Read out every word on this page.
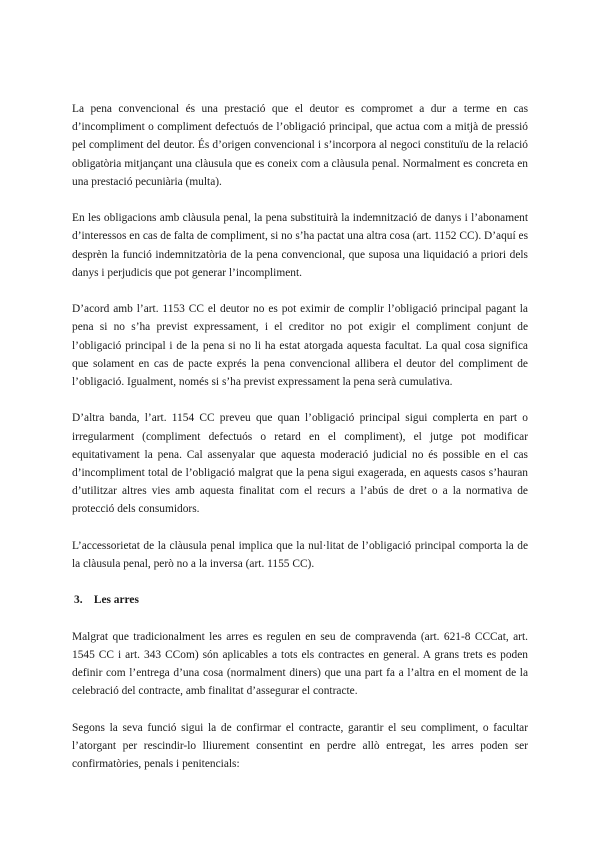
La pena convencional és una prestació que el deutor es compromet a dur a terme en cas d’incompliment o compliment defectuós de l’obligació principal, que actua com a mitjà de pressió pel compliment del deutor. És d’origen convencional i s’incorpora al negoci constituïu de la relació obligatòria mitjançant una clàusula que es coneix com a clàusula penal. Normalment es concreta en una prestació pecuniària (multa).

En les obligacions amb clàusula penal, la pena substituirà la indemnització de danys i l’abonament d’interessos en cas de falta de compliment, si no s’ha pactat una altra cosa (art. 1152 CC). D’aquí es desprèn la funció indemnitzatòria de la pena convencional, que suposa una liquidació a priori dels danys i perjudicis que pot generar l’incompliment.

D’acord amb l’art. 1153 CC el deutor no es pot eximir de complir l’obligació principal pagant la pena si no s’ha previst expressament, i el creditor no pot exigir el compliment conjunt de l’obligació principal i de la pena si no li ha estat atorgada aquesta facultat. La qual cosa significa que solament en cas de pacte exprés la pena convencional allibera el deutor del compliment de l’obligació. Igualment, només si s’ha previst expressament la pena serà cumulativa.

D’altra banda, l’art. 1154 CC preveu que quan l’obligació principal sigui complerta en part o irregularment (compliment defectuós o retard en el compliment), el jutge pot modificar equitativament la pena. Cal assenyalar que aquesta moderació judicial no és possible en el cas d’incompliment total de l’obligació malgrat que la pena sigui exagerada, en aquests casos s’hauran d’utilitzar altres vies amb aquesta finalitat com el recurs a l’abús de dret o a la normativa de protecció dels consumidors.

L’accessorietat de la clàusula penal implica que la nul·litat de l’obligació principal comporta la de la clàusula penal, però no a la inversa (art. 1155 CC).

3. Les arres

Malgrat que tradicionalment les arres es regulen en seu de compravenda (art. 621-8 CCCat, art. 1545 CC i art. 343 CCom) són aplicables a tots els contractes en general. A grans trets es poden definir com l’entrega d’una cosa (normalment diners) que una part fa a l’altra en el moment de la celebració del contracte, amb finalitat d’assegurar el contracte.

Segons la seva funció sigui la de confirmar el contracte, garantir el seu compliment, o facultar l’atorgant per rescindir-lo lliurement consentint en perdre allò entregat, les arres poden ser confirmatòries, penals i penitencials:
